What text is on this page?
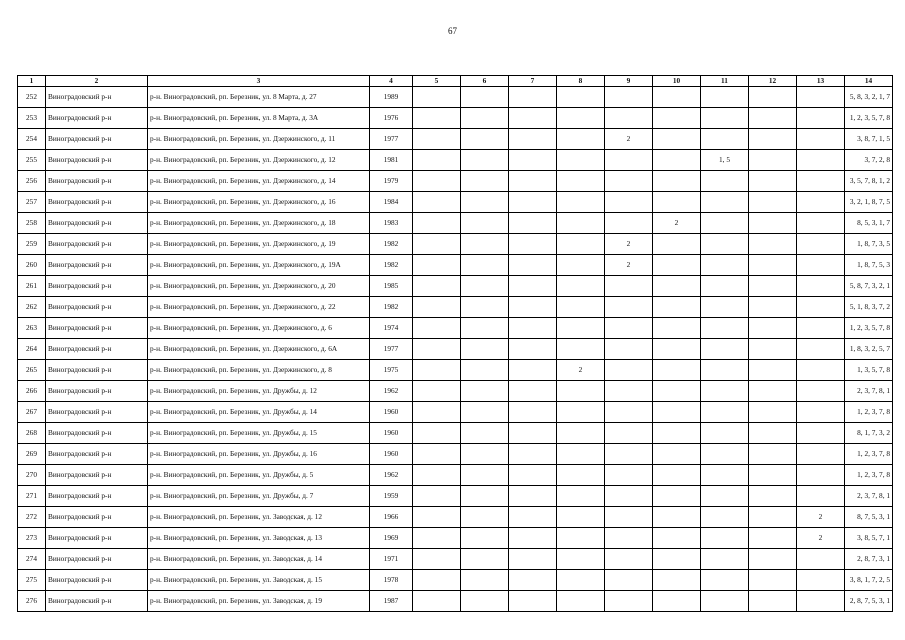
67
1	2	3	4	5	6	7	8	9	10	11	12	13	14
252	Виноградовский р-н	р-н. Виноградовский, рп. Березник, ул. 8 Марта, д. 27	1989										5, 8, 3, 2, 1, 7
253	Виноградовский р-н	р-н. Виноградовский, рп. Березник, ул. 8 Марта, д. 3А	1976										1, 2, 3, 5, 7, 8
254	Виноградовский р-н	р-н. Виноградовский, рп. Березник, ул. Дзержинского, д. 11	1977					2					3, 8, 7, 1, 5
255	Виноградовский р-н	р-н. Виноградовский, рп. Березник, ул. Дзержинского, д. 12	1981							1, 5			3, 7, 2, 8
256	Виноградовский р-н	р-н. Виноградовский, рп. Березник, ул. Дзержинского, д. 14	1979										3, 5, 7, 8, 1, 2
257	Виноградовский р-н	р-н. Виноградовский, рп. Березник, ул. Дзержинского, д. 16	1984										3, 2, 1, 8, 7, 5
258	Виноградовский р-н	р-н. Виноградовский, рп. Березник, ул. Дзержинского, д. 18	1983						2				8, 5, 3, 1, 7
259	Виноградовский р-н	р-н. Виноградовский, рп. Березник, ул. Дзержинского, д. 19	1982					2					1, 8, 7, 3, 5
260	Виноградовский р-н	р-н. Виноградовский, рп. Березник, ул. Дзержинского, д. 19А	1982					2					1, 8, 7, 5, 3
261	Виноградовский р-н	р-н. Виноградовский, рп. Березник, ул. Дзержинского, д. 20	1985										5, 8, 7, 3, 2, 1
262	Виноградовский р-н	р-н. Виноградовский, рп. Березник, ул. Дзержинского, д. 22	1982										5, 1, 8, 3, 7, 2
263	Виноградовский р-н	р-н. Виноградовский, рп. Березник, ул. Дзержинского, д. 6	1974										1, 2, 3, 5, 7, 8
264	Виноградовский р-н	р-н. Виноградовский, рп. Березник, ул. Дзержинского, д. 6А	1977										1, 8, 3, 2, 5, 7
265	Виноградовский р-н	р-н. Виноградовский, рп. Березник, ул. Дзержинского, д. 8	1975				2						1, 3, 5, 7, 8
266	Виноградовский р-н	р-н. Виноградовский, рп. Березник, ул. Дружбы, д. 12	1962										2, 3, 7, 8, 1
267	Виноградовский р-н	р-н. Виноградовский, рп. Березник, ул. Дружбы, д. 14	1960										1, 2, 3, 7, 8
268	Виноградовский р-н	р-н. Виноградовский, рп. Березник, ул. Дружбы, д. 15	1960										8, 1, 7, 3, 2
269	Виноградовский р-н	р-н. Виноградовский, рп. Березник, ул. Дружбы, д. 16	1960										1, 2, 3, 7, 8
270	Виноградовский р-н	р-н. Виноградовский, рп. Березник, ул. Дружбы, д. 5	1962										1, 2, 3, 7, 8
271	Виноградовский р-н	р-н. Виноградовский, рп. Березник, ул. Дружбы, д. 7	1959										2, 3, 7, 8, 1
272	Виноградовский р-н	р-н. Виноградовский, рп. Березник, ул. Заводская, д. 12	1966									2	8, 7, 5, 3, 1
273	Виноградовский р-н	р-н. Виноградовский, рп. Березник, ул. Заводская, д. 13	1969									2	3, 8, 5, 7, 1
274	Виноградовский р-н	р-н. Виноградовский, рп. Березник, ул. Заводская, д. 14	1971										2, 8, 7, 3, 1
275	Виноградовский р-н	р-н. Виноградовский, рп. Березник, ул. Заводская, д. 15	1978										3, 8, 1, 7, 2, 5
276	Виноградовский р-н	р-н. Виноградовский, рп. Березник, ул. Заводская, д. 19	1987										2, 8, 7, 5, 3, 1
